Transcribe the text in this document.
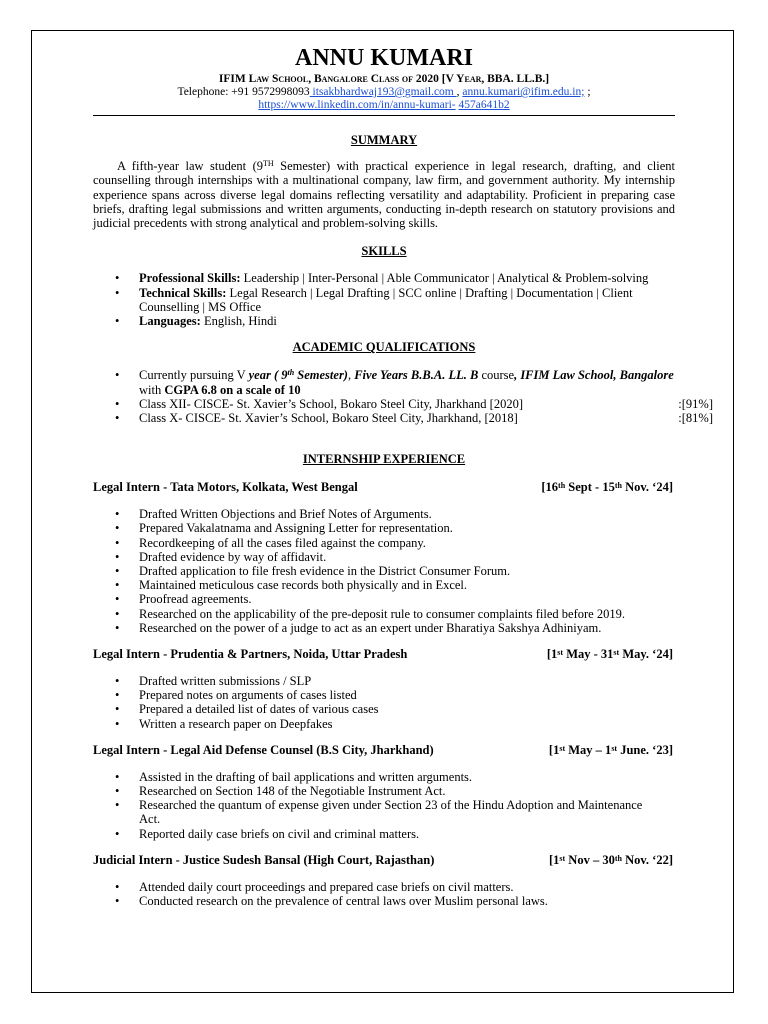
ANNU KUMARI
IFIM Law School, Bangalore Class of 2020 [V Year, BBA. LL.B.]
Telephone: +91 9572998093 itsakbhardwaj193@gmail.com , annu.kumari@ifim.edu.in; ;
https://www.linkedin.com/in/annu-kumari- 457a641b2
SUMMARY

A fifth-year law student (9TH Semester) with practical experience in legal research, drafting, and client counselling through internships with a multinational company, law firm, and government authority. My internship experience spans across diverse legal domains reflecting versatility and adaptability. Proficient in preparing case briefs, drafting legal submissions and written arguments, conducting in-depth research on statutory provisions and judicial precedents with strong analytical and problem-solving skills.

SKILLS
• Professional Skills: Leadership | Inter-Personal | Able Communicator | Analytical & Problem-solving
• Technical Skills: Legal Research | Legal Drafting | SCC online | Drafting | Documentation | Client Counselling | MS Office
• Languages: English, Hindi
ACADEMIC QUALIFICATIONS
• Currently pursuing V year ( 9th Semester), Five Years B.B.A. LL. B course, IFIM Law School, Bangalore
with CGPA 6.8 on a scale of 10
• Class XII- CISCE- St. Xavier’s School, Bokaro Steel City, Jharkhand [2020]	:[91%]
• Class X- CISCE- St. Xavier’s School, Bokaro Steel City, Jharkhand, [2018]	:[81%]
INTERNSHIP EXPERIENCE
Legal Intern - Tata Motors, Kolkata, West Bengal	[16th Sept - 15th Nov. ‘24]
• Drafted Written Objections and Brief Notes of Arguments.
• Prepared Vakalatnama and Assigning Letter for representation.
• Recordkeeping of all the cases filed against the company.
• Drafted evidence by way of affidavit.
• Drafted application to file fresh evidence in the District Consumer Forum.
• Maintained meticulous case records both physically and in Excel.
• Proofread agreements.
• Researched on the applicability of the pre-deposit rule to consumer complaints filed before 2019.
• Researched on the power of a judge to act as an expert under Bharatiya Sakshya Adhiniyam.
Legal Intern - Prudentia & Partners, Noida, Uttar Pradesh	[1st May - 31st May. ‘24]
• Drafted written submissions / SLP
• Prepared notes on arguments of cases listed
• Prepared a detailed list of dates of various cases
• Written a research paper on Deepfakes
Legal Intern - Legal Aid Defense Counsel (B.S City, Jharkhand)	[1st May – 1st June. ‘23]
• Assisted in the drafting of bail applications and written arguments.
• Researched on Section 148 of the Negotiable Instrument Act.
• Researched the quantum of expense given under Section 23 of the Hindu Adoption and Maintenance Act.
• Reported daily case briefs on civil and criminal matters.
Judicial Intern - Justice Sudesh Bansal (High Court, Rajasthan)	[1st Nov – 30th Nov. ‘22]
• Attended daily court proceedings and prepared case briefs on civil matters.
• Conducted research on the prevalence of central laws over Muslim personal laws.
